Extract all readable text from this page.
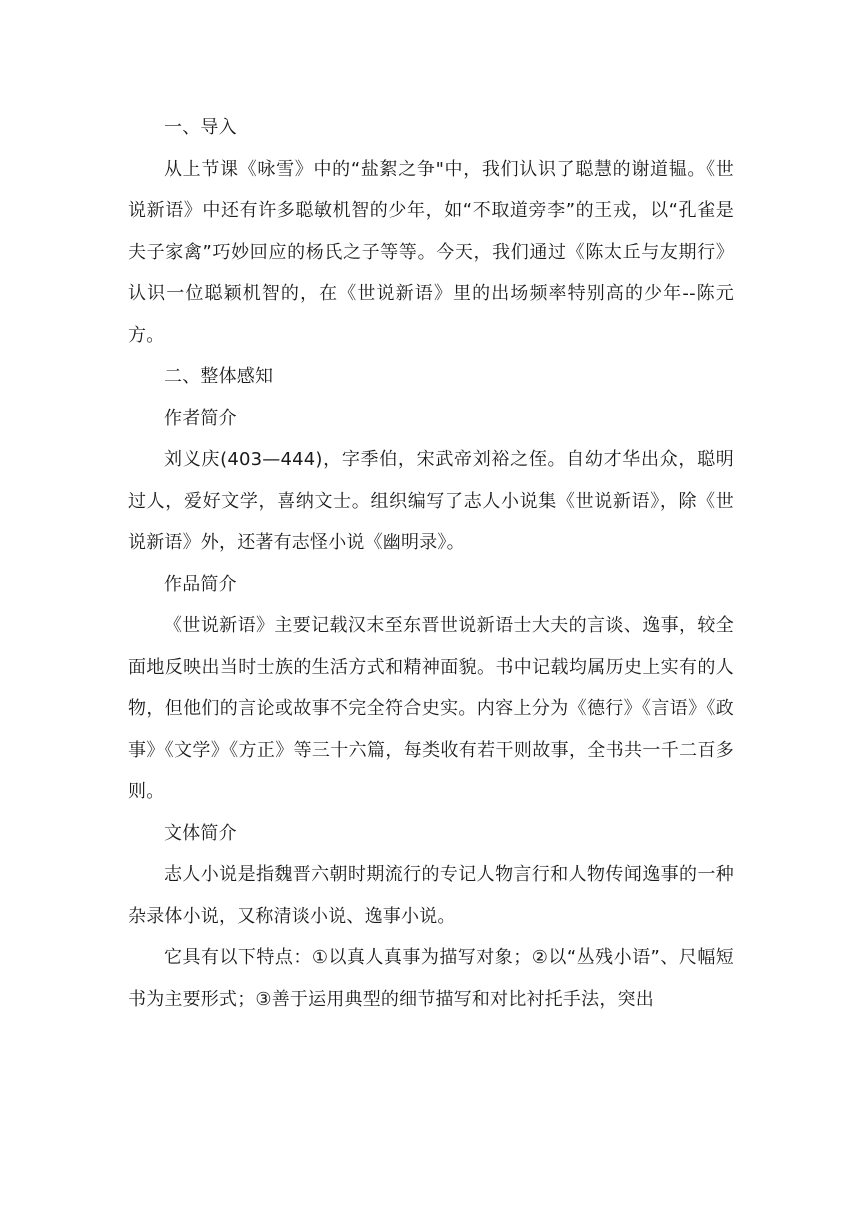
一、导入

从上节课《咏雪》中的“盐絮之争"中，我们认识了聪慧的谢道韫。《世说新语》中还有许多聪敏机智的少年，如“不取道旁李”的王戎，以“孔雀是夫子家禽”巧妙回应的杨氏之子等等。今天，我们通过《陈太丘与友期行》认识一位聪颖机智的，在《世说新语》里的出场频率特别高的少年--陈元方。

二、整体感知

作者简介

刘义庆(403—444)，字季伯，宋武帝刘裕之侄。自幼才华出众，聪明过人，爱好文学，喜纳文士。组织编写了志人小说集《世说新语》，除《世说新语》外，还著有志怪小说《幽明录》。

作品简介

《世说新语》主要记载汉末至东晋世说新语士大夫的言谈、逸事，较全面地反映出当时士族的生活方式和精神面貌。书中记载均属历史上实有的人物，但他们的言论或故事不完全符合史实。内容上分为《德行》《言语》《政事》《文学》《方正》等三十六篇，每类收有若干则故事，全书共一千二百多则。

文体简介

志人小说是指魏晋六朝时期流行的专记人物言行和人物传闻逸事的一种杂录体小说，又称清谈小说、逸事小说。

它具有以下特点：①以真人真事为描写对象；②以“丛残小语”、尺幅短书为主要形式；③善于运用典型的细节描写和对比衬托手法，突出
